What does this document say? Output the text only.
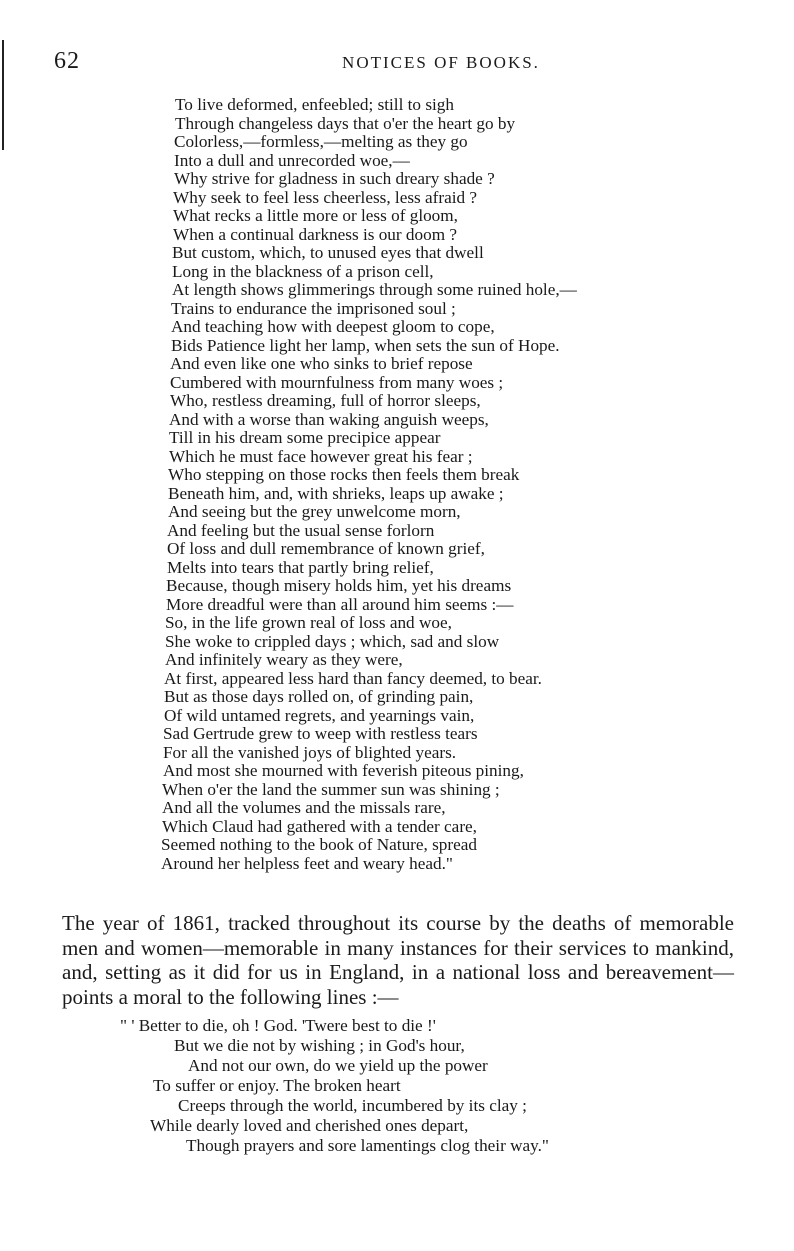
62	NOTICES OF BOOKS.
To live deformed, enfeebled; still to sigh
Through changeless days that o'er the heart go by
Colorless,—formless,—melting as they go
Into a dull and unrecorded woe,—
Why strive for gladness in such dreary shade ?
Why seek to feel less cheerless, less afraid ?
What recks a little more or less of gloom,
When a continual darkness is our doom ?
But custom, which, to unused eyes that dwell
Long in the blackness of a prison cell,
At length shows glimmerings through some ruined hole,—
Trains to endurance the imprisoned soul ;
And teaching how with deepest gloom to cope,
Bids Patience light her lamp, when sets the sun of Hope.
And even like one who sinks to brief repose
Cumbered with mournfulness from many woes ;
Who, restless dreaming, full of horror sleeps,
And with a worse than waking anguish weeps,
Till in his dream some precipice appear
Which he must face however great his fear ;
Who stepping on those rocks then feels them break
Beneath him, and, with shrieks, leaps up awake ;
And seeing but the grey unwelcome morn,
And feeling but the usual sense forlorn
Of loss and dull remembrance of known grief,
Melts into tears that partly bring relief,
Because, though misery holds him, yet his dreams
More dreadful were than all around him seems :—
So, in the life grown real of loss and woe,
She woke to crippled days ; which, sad and slow
And infinitely weary as they were,
At first, appeared less hard than fancy deemed, to bear.
But as those days rolled on, of grinding pain,
Of wild untamed regrets, and yearnings vain,
Sad Gertrude grew to weep with restless tears
For all the vanished joys of blighted years.
And most she mourned with feverish piteous pining,
When o'er the land the summer sun was shining ;
And all the volumes and the missals rare,
Which Claud had gathered with a tender care,
Seemed nothing to the book of Nature, spread
Around her helpless feet and weary head."

The year of 1861, tracked throughout its course by the deaths of memorable men and women—memorable in many instances for their services to mankind, and, setting as it did for us in England, in a national loss and bereavement—points a moral to the following lines :—

" ' Better to die, oh ! God. 'Twere best to die !'
But we die not by wishing ; in God's hour,
And not our own, do we yield up the power
To suffer or enjoy. The broken heart
Creeps through the world, incumbered by its clay ;
While dearly loved and cherished ones depart,
Though prayers and sore lamentings clog their way."
